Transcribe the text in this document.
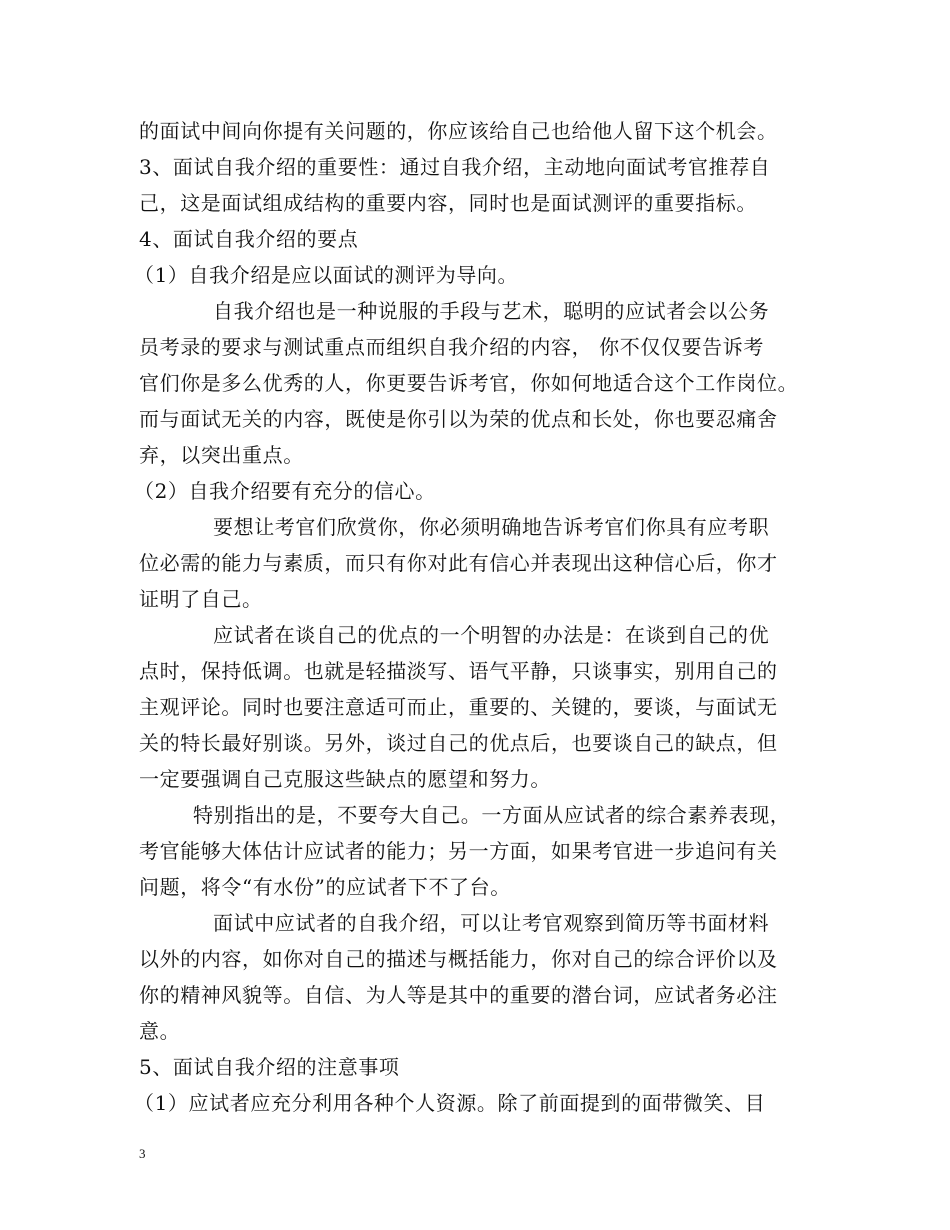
的面试中间向你提有关问题的，你应该给自己也给他人留下这个机会。
3、面试自我介绍的重要性：通过自我介绍，主动地向面试考官推荐自
己，这是面试组成结构的重要内容，同时也是面试测评的重要指标。
4、面试自我介绍的要点
（1）自我介绍是应以面试的测评为导向。
自我介绍也是一种说服的手段与艺术，聪明的应试者会以公务
员考录的要求与测试重点而组织自我介绍的内容， 你不仅仅要告诉考
官们你是多么优秀的人，你更要告诉考官，你如何地适合这个工作岗位。
而与面试无关的内容，既使是你引以为荣的优点和长处，你也要忍痛舍
弃，以突出重点。
（2）自我介绍要有充分的信心。
要想让考官们欣赏你，你必须明确地告诉考官们你具有应考职
位必需的能力与素质，而只有你对此有信心并表现出这种信心后，你才
证明了自己。
应试者在谈自己的优点的一个明智的办法是：在谈到自己的优
点时，保持低调。也就是轻描淡写、语气平静，只谈事实，别用自己的
主观评论。同时也要注意适可而止，重要的、关键的，要谈，与面试无
关的特长最好别谈。另外，谈过自己的优点后，也要谈自己的缺点，但
一定要强调自己克服这些缺点的愿望和努力。
特别指出的是，不要夸大自己。一方面从应试者的综合素养表现，
考官能够大体估计应试者的能力；另一方面，如果考官进一步追问有关
问题，将令“有水份”的应试者下不了台。
面试中应试者的自我介绍，可以让考官观察到简历等书面材料
以外的内容，如你对自己的描述与概括能力，你对自己的综合评价以及
你的精神风貌等。自信、为人等是其中的重要的潜台词，应试者务必注
意。
5、面试自我介绍的注意事项
（1）应试者应充分利用各种个人资源。除了前面提到的面带微笑、目
3
